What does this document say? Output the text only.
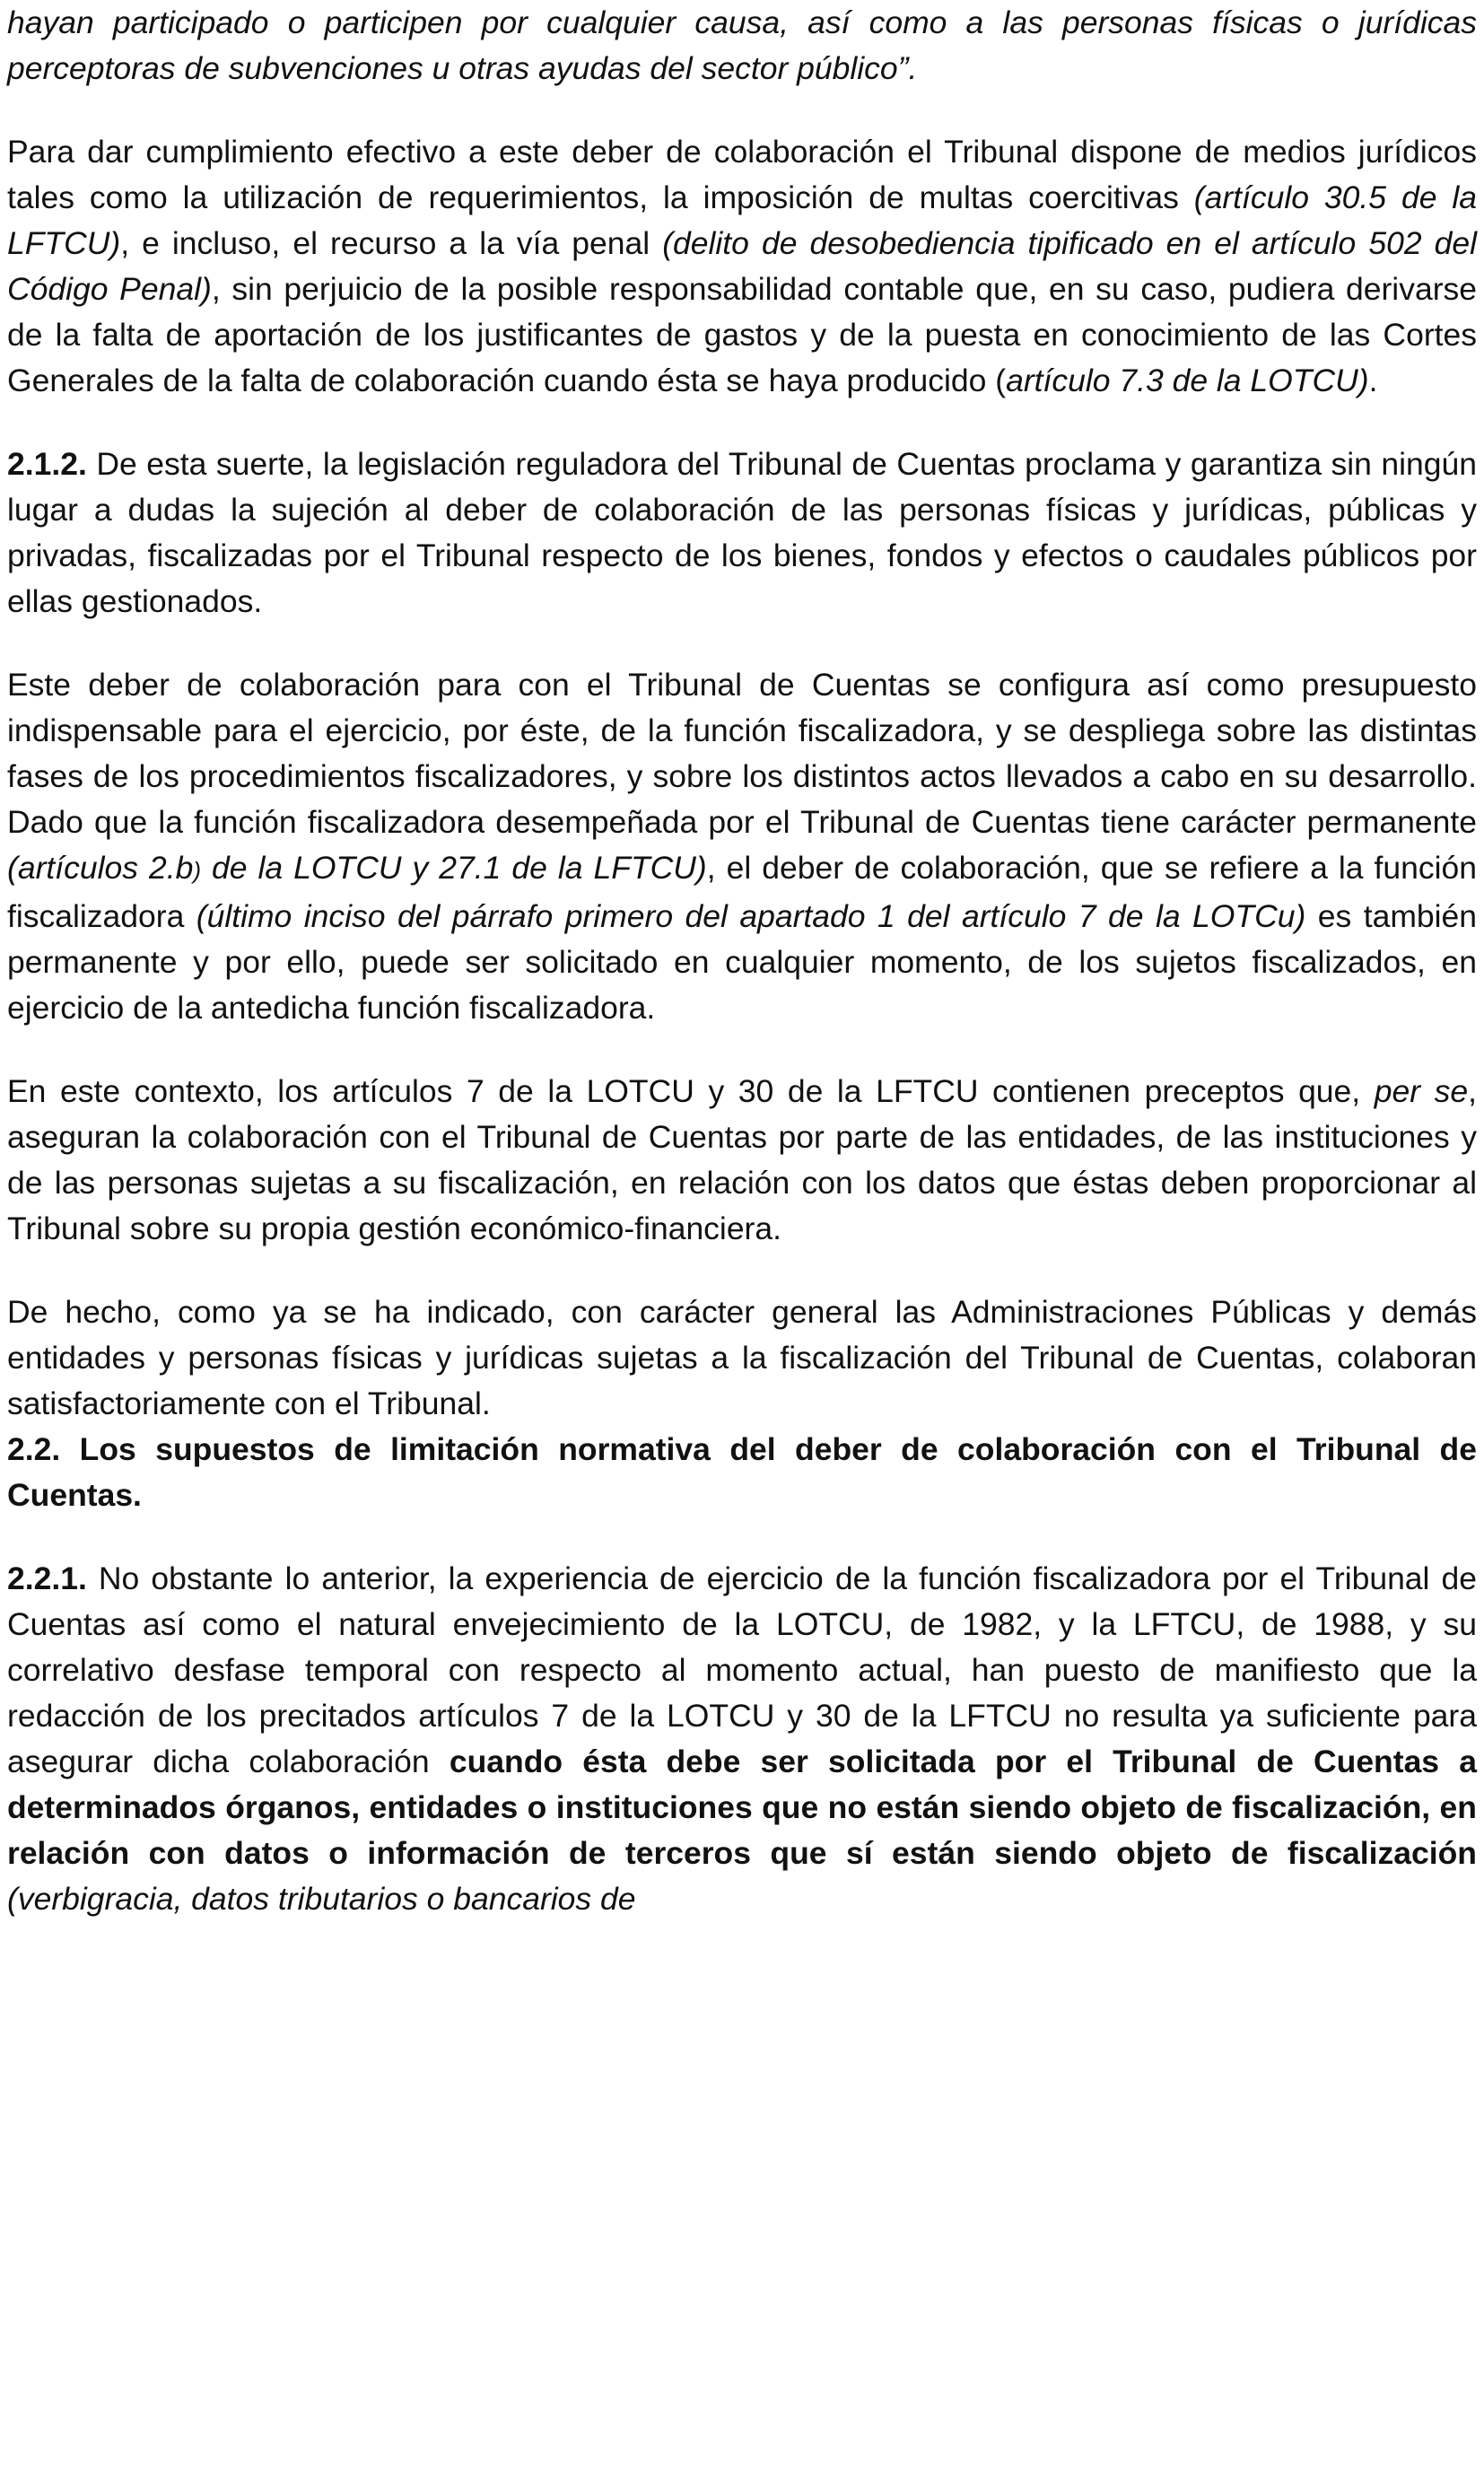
hayan participado o participen por cualquier causa, así como a las personas físicas o jurídicas perceptoras de subvenciones u otras ayudas del sector público”.

Para dar cumplimiento efectivo a este deber de colaboración el Tribunal dispone de medios jurídicos tales como la utilización de requerimientos, la imposición de multas coercitivas (artículo 30.5 de la LFTCU), e incluso, el recurso a la vía penal (delito de desobediencia tipificado en el artículo 502 del Código Penal), sin perjuicio de la posible responsabilidad contable que, en su caso, pudiera derivarse de la falta de aportación de los justificantes de gastos y de la puesta en conocimiento de las Cortes Generales de la falta de colaboración cuando ésta se haya producido (artículo 7.3 de la LOTCU).

2.1.2. De esta suerte, la legislación reguladora del Tribunal de Cuentas proclama y garantiza sin ningún lugar a dudas la sujeción al deber de colaboración de las personas físicas y jurídicas, públicas y privadas, fiscalizadas por el Tribunal respecto de los bienes, fondos y efectos o caudales públicos por ellas gestionados.

Este deber de colaboración para con el Tribunal de Cuentas se configura así como presupuesto indispensable para el ejercicio, por éste, de la función fiscalizadora, y se despliega sobre las distintas fases de los procedimientos fiscalizadores, y sobre los distintos actos llevados a cabo en su desarrollo. Dado que la función fiscalizadora desempeñada por el Tribunal de Cuentas tiene carácter permanente (artículos 2.b) de la LOTCU y 27.1 de la LFTCU), el deber de colaboración, que se refiere a la función fiscalizadora (último inciso del párrafo primero del apartado 1 del artículo 7 de la LOTCu) es también permanente y por ello, puede ser solicitado en cualquier momento, de los sujetos fiscalizados, en ejercicio de la antedicha función fiscalizadora.

En este contexto, los artículos 7 de la LOTCU y 30 de la LFTCU contienen preceptos que, per se, aseguran la colaboración con el Tribunal de Cuentas por parte de las entidades, de las instituciones y de las personas sujetas a su fiscalización, en relación con los datos que éstas deben proporcionar al Tribunal sobre su propia gestión económico-financiera.

De hecho, como ya se ha indicado, con carácter general las Administraciones Públicas y demás entidades y personas físicas y jurídicas sujetas a la fiscalización del Tribunal de Cuentas, colaboran satisfactoriamente con el Tribunal.

2.2. Los supuestos de limitación normativa del deber de colaboración con el Tribunal de Cuentas.

2.2.1. No obstante lo anterior, la experiencia de ejercicio de la función fiscalizadora por el Tribunal de Cuentas así como el natural envejecimiento de la LOTCU, de 1982, y la LFTCU, de 1988, y su correlativo desfase temporal con respecto al momento actual, han puesto de manifiesto que la redacción de los precitados artículos 7 de la LOTCU y 30 de la LFTCU no resulta ya suficiente para asegurar dicha colaboración cuando ésta debe ser solicitada por el Tribunal de Cuentas a determinados órganos, entidades o instituciones que no están siendo objeto de fiscalización, en relación con datos o información de terceros que sí están siendo objeto de fiscalización (verbigracia, datos tributarios o bancarios de
